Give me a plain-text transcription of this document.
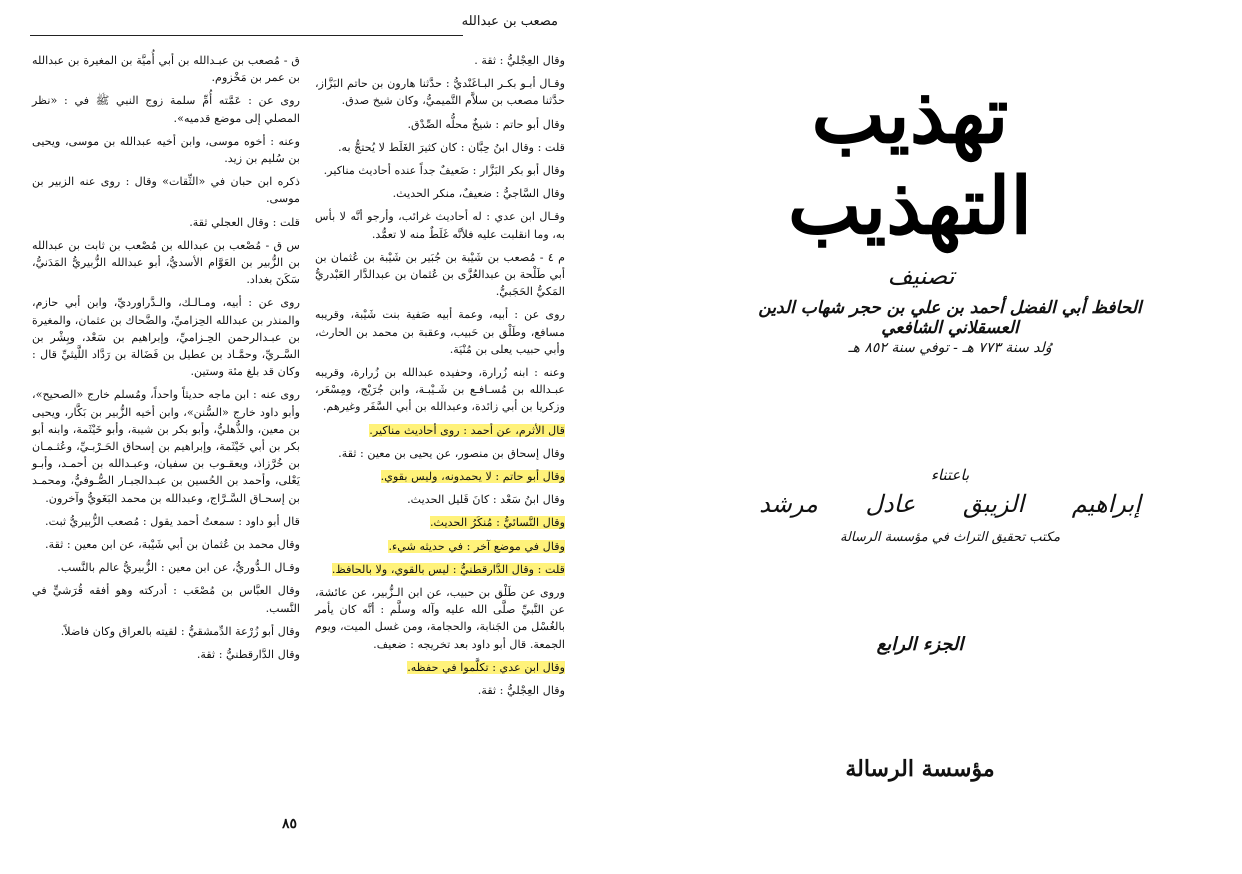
مصعب بن عبدالله

وقال العِجْليُّ : ثقة .

وقـال أبـو بكـر البـاغَنْديُّ : حدَّثنا هارون بن حاتم البَزَّاز، حدَّثنا مصعب بن سلاَّم التَّميميُّ، وكان شيخ صدق.

وقال أبو حاتم : شيخٌ محلُّه الصِّدْق.

قلت : وقال ابنُ حِبَّان : كان كثيرَ الغَلَط لا يُحتجُّ به.

وقال أبو بكر البَزَّار : ضَعيفٌ جداً عنده أحاديث مناكير.

وقال السَّاجيُّ : ضعيفٌ، منكر الحديث.

وقـال ابن عدي : له أحاديث غرائب، وأرجو أنَّه لا بأس به، وما انقلبت عليه فلأنَّه غَلَطٌ منه لا تعمُّد.

م ٤ - مُصعب بن شَيْبة بن جُبَير بن شَيْبة بن عُثمان بن أبي طَلْحة بن عبدالعُزَّى بن عُثمان بن عبدالدَّار العَبْدريُّ المَكيُّ الحَجَبيُّ.

روى عن : أبيه، وعمة أبيه صَفية بنت شَيْبة، وقريبه مسافع، وطَلْق بن حَبيب، وعقبة بن محمد بن الحارث، وأبي حبيب يعلى بن مُنْيَة.

وعنه : ابنه زُرارة، وحفيده عبدالله بن زُرارة، وقريبه عبـدالله بن مُسـافـع بن شَـيْبـة، وابن جُرَيْج، ومِسْعَر، وزكريا بن أبي زائدة، وعبدالله بن أبي السَّفَر وغيرهم.

قال الأثرم، عن أحمد : روى أحاديث مناكير.

وقال إسحاق بن منصور، عن يحيى بن معين : ثقة.

وقال أبو حاتم : لا يحمدونه، وليس بقوي.

وقال ابنُ سَعْد : كانَ قَليل الحديث.

وقال النَّسائيُّ : مُنكَرُ الحديث.

وقال في موضع آخر : في حديثه شيء.

قلت : وقال الدَّارقطنيُّ : ليس بالقوي، ولا بالحافظ.

وروى عن طَلْق بن حبيب، عن ابن الـزُّبير، عن عائشة، عن النَّبيِّ صلَّى الله عليه وآله وسلَّم : أنَّه كان يأمر بالغُسْل من الجَنابة، والحجامة، ومن غسل الميت، ويوم الجمعة. قال أبو داود بعد تخريجه : ضعيف.

وقال ابن عدي : تكلَّموا في حفظه.

وقال العِجْليُّ : ثقة.

ق - مُصعب بن عبـدالله بن أبي أُميَّة بن المغيرة بن عبدالله بن عمر بن مَخْزوم.

روى عن : عَمَّته أُمِّ سلمة زوج النبي ﷺ في : «نظر المصلي إلى موضع قدميه».

وعنه : أخوه موسى، وابن أخيه عبدالله بن موسى، ويحيى بن سُليم بن زيد.

ذكره ابن حبان في «الثِّقات» وقال : روى عنه الزبير بن موسى.

قلت : وقال العجلي ثقة.

س ق - مُصْعب بن عبدالله بن مُصْعب بن ثابت بن عبدالله بن الزُّبير بن العَوَّام الأسديُّ، أبو عبدالله الزُّبيريُّ المَدَنيُّ، سَكَنَ بغداد.

روى عن : أبيه، ومـالـك، والـدَّراورديِّ، وابن أبي حازم، والمنذر بن عبدالله الحِزاميِّ، والضَّحاك بن عثمان، والمغيرة بن عبـدالرحمن الحِـزاميِّ، وإبراهيم بن سَعْد، وبِشْر بن السَّـريِّ، وحمَّـاد بن عطيل بن فَضَالة بن رَدَّاد اللَّيثيِّ قال : وكان قد بلغ مئة وستين.

روى عنه : ابن ماجه حديثاً واحداً، ومُسلم خارج «الصحيح»، وأبو داود خارج «السُّنن»، وابن أخيه الزُّبير بن بَكَّار، ويحيى بن معين، والذُّهليُّ، وأبو بكر بن شيبة، وأبو خَيْثَمة، وابنه أبو بكر بن أبي خَيْثَمة، وإبراهيم بن إسحاق الحَـرْبـيِّ، وعُثـمـان بن خُرَّزاذ، ويعقـوب بن سفيان، وعبـدالله بن أحمـد، وأبـو يَعْلى، وأحمد بن الحُسين بن عبـدالجبـار الصُّـوفيُّ، ومحمـد بن إسحـاق السَّـرَّاج، وعبدالله بن محمد البَغَويُّ وآخرون.

قال أبو داود : سمعتُ أحمد يقول : مُصعب الزُّبيريُّ ثبت.

وقال محمد بن عُثمان بن أبي شَيْبة، عن ابن معين : ثقة.

وقـال الـدُّوريُّ، عن ابن معين : الزُّبيريُّ عالم بالنَّسب.

وقال العبَّاس بن مُصْعَب : أدركته وهو أفقه قُرَشيٍّ في النَّسب.

وقال أبو زُرْعة الدِّمشقيُّ : لقيته بالعراق وكان فاضلاً.

وقال الدَّارقطنيُّ : ثقة.

٨٥
تهذيب التهذيب
تصنيف
الحافظ أبي الفضل أحمد بن علي بن حجر شهاب الدين العسقلاني الشافعي
وُلد سنة ٧٧٣ هـ - توفي سنة ٨٥٢ هـ
باعتناء
إبراهيم الزيبق عادل مرشد
مكتب تحقيق التراث في مؤسسة الرسالة
الجزء الرابع
مؤسسة الرسالة
